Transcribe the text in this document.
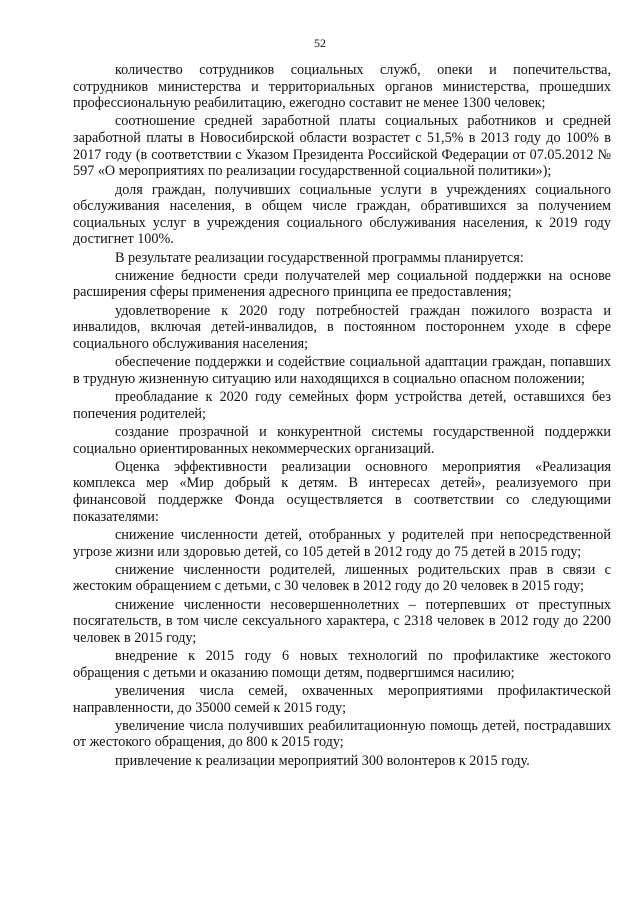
52

количество сотрудников социальных служб, опеки и попечительства, сотрудников министерства и территориальных органов министерства, прошедших профессиональную реабилитацию, ежегодно составит не менее 1300 человек;

соотношение средней заработной платы социальных работников и средней заработной платы в Новосибирской области возрастет с 51,5% в 2013 году до 100% в 2017 году (в соответствии с Указом Президента Российской Федерации от 07.05.2012 № 597 «О мероприятиях по реализации государственной социальной политики»);

доля граждан, получивших социальные услуги в учреждениях социального обслуживания населения, в общем числе граждан, обратившихся за получением социальных услуг в учреждения социального обслуживания населения, к 2019 году достигнет 100%.

В результате реализации государственной программы планируется:

снижение бедности среди получателей мер социальной поддержки на основе расширения сферы применения адресного принципа ее предоставления;

удовлетворение к 2020 году потребностей граждан пожилого возраста и инвалидов, включая детей-инвалидов, в постоянном постороннем уходе в сфере социального обслуживания населения;

обеспечение поддержки и содействие социальной адаптации граждан, попавших в трудную жизненную ситуацию или находящихся в социально опасном положении;

преобладание к 2020 году семейных форм устройства детей, оставшихся без попечения родителей;

создание прозрачной и конкурентной системы государственной поддержки социально ориентированных некоммерческих организаций.

Оценка эффективности реализации основного мероприятия «Реализация комплекса мер «Мир добрый к детям. В интересах детей», реализуемого при финансовой поддержке Фонда осуществляется в соответствии со следующими показателями:

снижение численности детей, отобранных у родителей при непосредственной угрозе жизни или здоровью детей, со 105 детей в 2012 году до 75 детей в 2015 году;

снижение численности родителей, лишенных родительских прав в связи с жестоким обращением с детьми, с 30 человек в 2012 году до 20 человек в 2015 году;

снижение численности несовершеннолетних – потерпевших от преступных посягательств, в том числе сексуального характера, с 2318 человек в 2012 году до 2200 человек в 2015 году;

внедрение к 2015 году 6 новых технологий по профилактике жестокого обращения с детьми и оказанию помощи детям, подвергшимся насилию;

увеличения числа семей, охваченных мероприятиями профилактической направленности, до 35000 семей к 2015 году;

увеличение числа получивших реабилитационную помощь детей, пострадавших от жестокого обращения, до 800 к 2015 году;

привлечение к реализации мероприятий 300 волонтеров к 2015 году.
